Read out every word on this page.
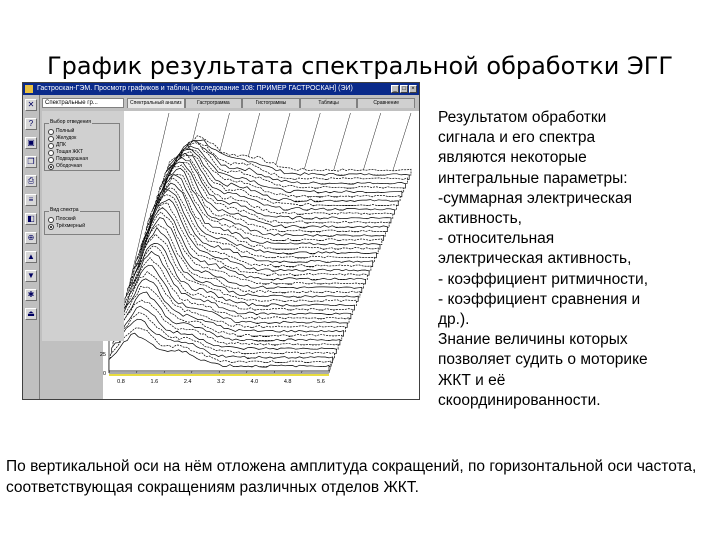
График результата спектральной обработки ЭГГ
Гастроскан-ГЭМ. Просмотр графиков и таблиц [исследование 108: ПРИМЕР ГАСТРОСКАН] (ЭИ)	_ □ ×
✕
?
▣
❐
⎙
≡
◧
⊕
▲
▼
✱
⏏
Спектральные гр...	Спектральный анализ	Гастрограмма	Гистограммы	Таблицы	Сравнение
25
0
0.8	1.6	2.4	3.2	4.0	4.8	5.6
Выбор отведения
Полный
Желудок
ДПК
Тощая ЖКТ
Подвздошная
Ободочная
Вид спектра
Плоский
Трёхмерный
Результатом обработки
сигнала и его спектра
являются некоторые
интегральные параметры:
-суммарная электрическая
активность,
- относительная
электрическая активность,
- коэффициент ритмичности,
- коэффициент сравнения и
др.).
Знание величины которых
позволяет судить о моторике
ЖКТ и её
скоординированности.
По вертикальной оси на нём отложена амплитуда сокращений, по горизонтальной оси частота, соответствующая сокращениям различных отделов ЖКТ.
